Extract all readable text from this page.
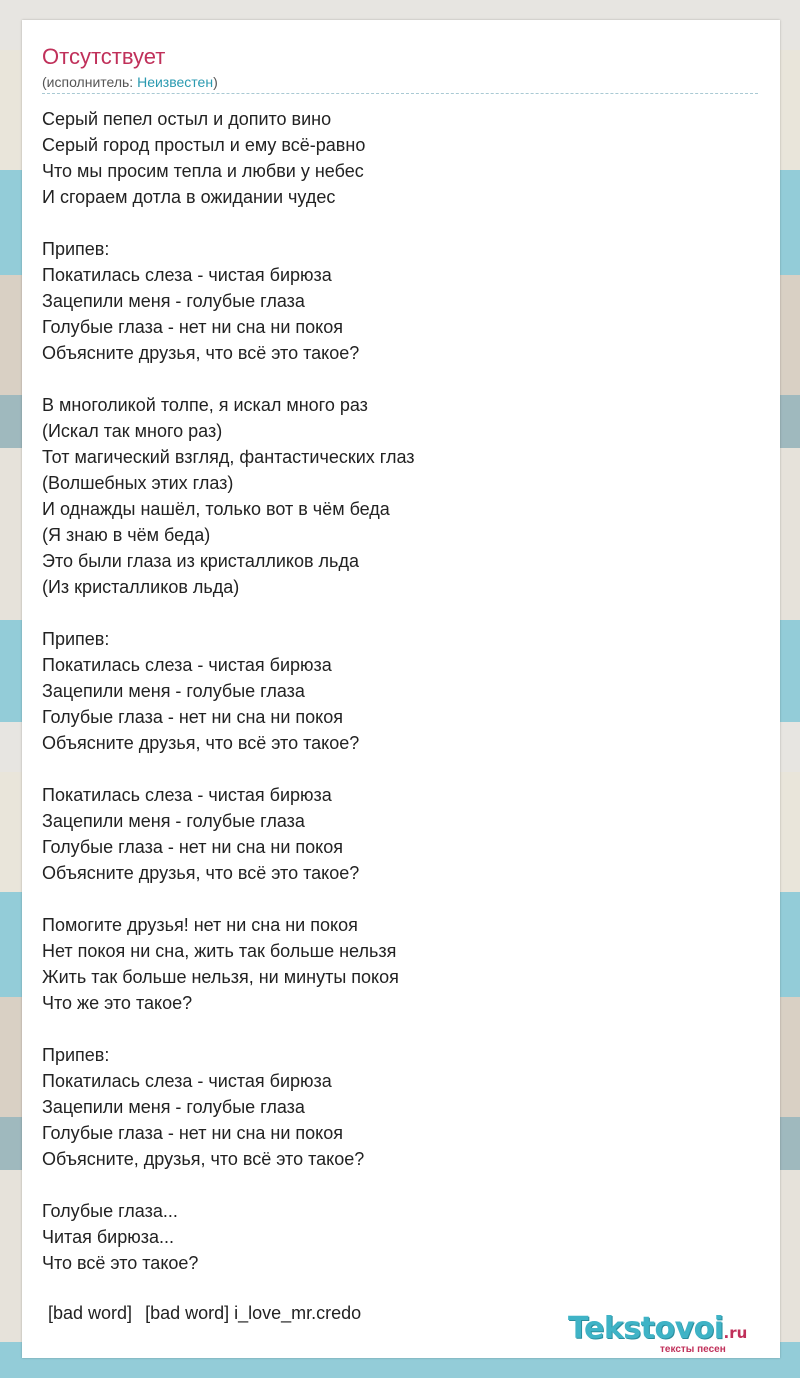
Отсутствует
(исполнитель: Неизвестен)
Серый пепел остыл и допито вино
Серый город простыл и ему всё-равно
Что мы просим тепла и любви у небес
И сгораем дотла в ожидании чудес
Припев:
Покатилась слеза - чистая бирюза
Зацепили меня - голубые глаза
Голубые глаза - нет ни сна ни покоя
Объясните друзья, что всё это такое?
В многоликой толпе, я искал много раз
(Искал так много раз)
Тот магический взгляд, фантастических глаз
(Волшебных этих глаз)
И однажды нашёл, только вот в чём беда
(Я знаю в чём беда)
Это были глаза из кристалликов льда
(Из кристалликов льда)
Припев:
Покатилась слеза - чистая бирюза
Зацепили меня - голубые глаза
Голубые глаза - нет ни сна ни покоя
Объясните друзья, что всё это такое?
Покатилась слеза - чистая бирюза
Зацепили меня - голубые глаза
Голубые глаза - нет ни сна ни покоя
Объясните друзья, что всё это такое?
Помогите друзья! нет ни сна ни покоя
Нет покоя ни сна, жить так больше нельзя
Жить так больше нельзя, ни минуты покоя
Что же это такое?
Припев:
Покатилась слеза - чистая бирюза
Зацепили меня - голубые глаза
Голубые глаза - нет ни сна ни покоя
Объясните, друзья, что всё это такое?
Голубые глаза...
Читая бирюза...
Что всё это такое?
[bad word] [bad word] i_love_mr.credo	Tekstovoi.ru
тексты песен
